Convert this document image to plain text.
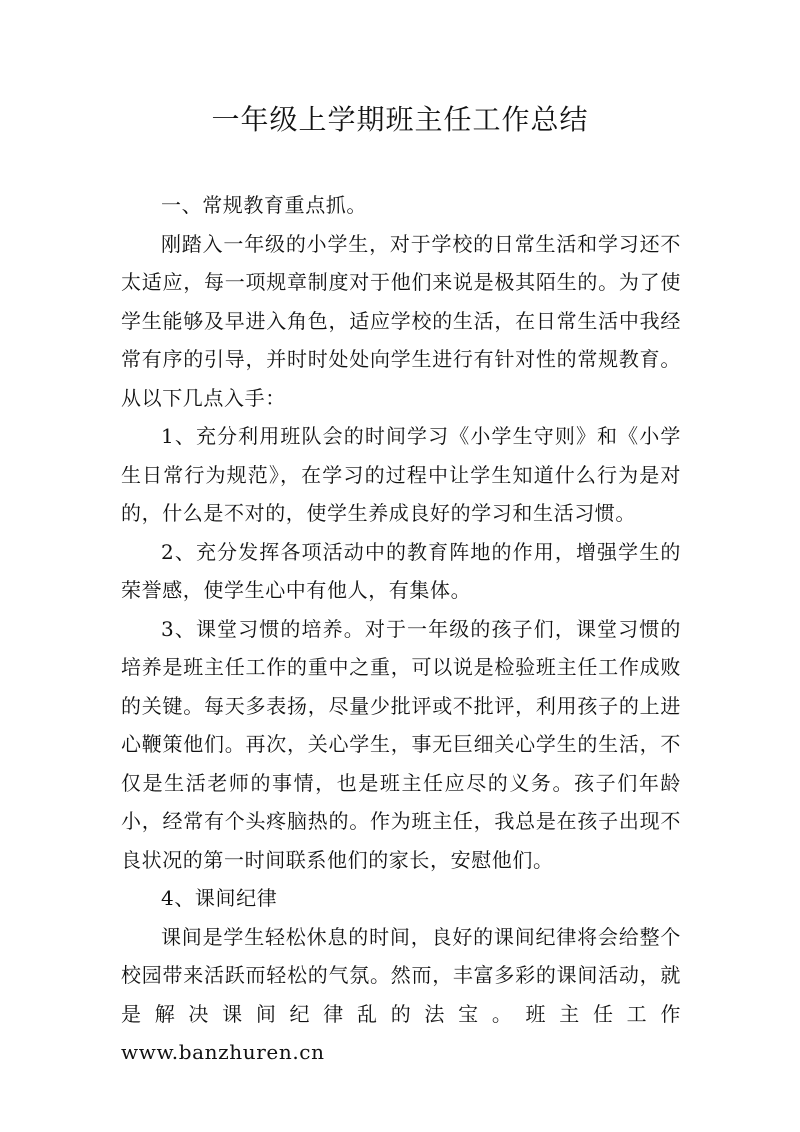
一年级上学期班主任工作总结

一、常规教育重点抓。

刚踏入一年级的小学生，对于学校的日常生活和学习还不太适应，每一项规章制度对于他们来说是极其陌生的。为了使学生能够及早进入角色，适应学校的生活，在日常生活中我经常有序的引导，并时时处处向学生进行有针对性的常规教育。从以下几点入手：

1、充分利用班队会的时间学习《小学生守则》和《小学生日常行为规范》，在学习的过程中让学生知道什么行为是对的，什么是不对的，使学生养成良好的学习和生活习惯。

2、充分发挥各项活动中的教育阵地的作用，增强学生的荣誉感，使学生心中有他人，有集体。

3、课堂习惯的培养。对于一年级的孩子们，课堂习惯的培养是班主任工作的重中之重，可以说是检验班主任工作成败的关键。每天多表扬，尽量少批评或不批评，利用孩子的上进心鞭策他们。再次，关心学生，事无巨细关心学生的生活，不仅是生活老师的事情，也是班主任应尽的义务。孩子们年龄小，经常有个头疼脑热的。作为班主任，我总是在孩子出现不良状况的第一时间联系他们的家长，安慰他们。

4、课间纪律

课间是学生轻松休息的时间，良好的课间纪律将会给整个校园带来活跃而轻松的气氛。然而，丰富多彩的课间活动，就是解决课间纪律乱的法宝。班主任工作 www.banzhuren.cn
